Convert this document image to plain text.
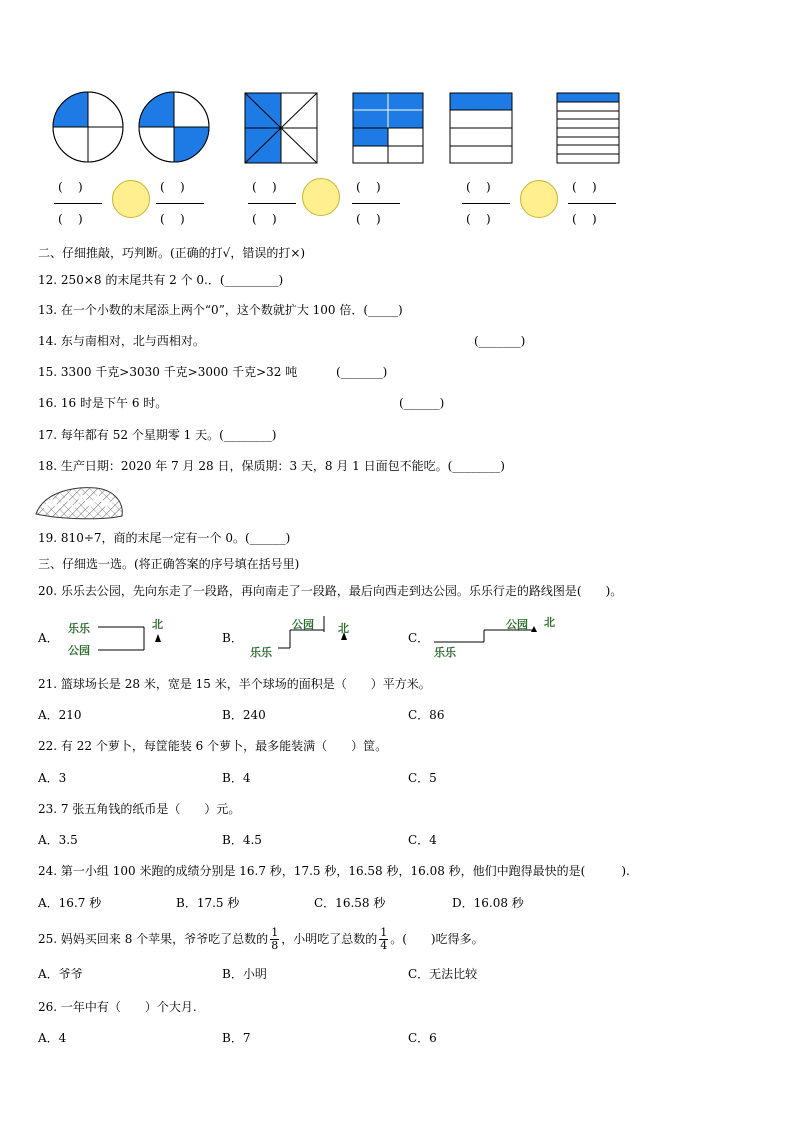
(    )
(    )
(    )
(    )
(    )
(    )
(    )
(    )
(    )
(    )
(    )
(    )
二、仔细推敲，巧判断。(正确的打√，错误的打×)
12. 250×8 的末尾共有 2 个 0.．(_________)
13. 在一个小数的末尾添上两个“0”，这个数就扩大 100 倍．(_____)
14. 东与南相对，北与西相对。	(_______)
15. 3300 千克>3030 千克>3000 千克>32 吨	(_______)
16. 16 时是下午 6 时。	(______)
17. 每年都有 52 个星期零 1 天。(________)
18. 生产日期：2020 年 7 月 28 日，保质期：3 天，8 月 1 日面包不能吃。(________)
19. 810÷7，商的末尾一定有一个 0。(______)
三、仔细选一选。(将正确答案的序号填在括号里)
20. 乐乐去公园，先向东走了一段路，再向南走了一段路，最后向西走到达公园。乐乐行走的路线图是(　　)。
A．
乐乐
公园
北
B．
公园
乐乐
北
C．
公园
乐乐
北
21. 篮球场长是 28 米，宽是 15 米，半个球场的面积是（　　）平方米。
A．210	B．240	C．86
22. 有 22 个萝卜，每筐能装 6 个萝卜，最多能装满（　　）筐。
A．3	B．4	C．5
23. 7 张五角钱的纸币是（　　）元。
A．3.5	B．4.5	C．4
24. 第一小组 100 米跑的成绩分别是 16.7 秒，17.5 秒，16.58 秒，16.08 秒，他们中跑得最快的是(　　　).
A．16.7 秒	B．17.5 秒	C．16.58 秒	D．16.08 秒
25. 妈妈买回来 8 个苹果，爷爷吃了总数的 $\frac{1}{8}$ ，小明吃了总数的 $\frac{1}{4}$ 。(　　)吃得多。
A．爷爷	B．小明	C．无法比较
26. 一年中有（　　）个大月.
A．4	B．7	C．6
